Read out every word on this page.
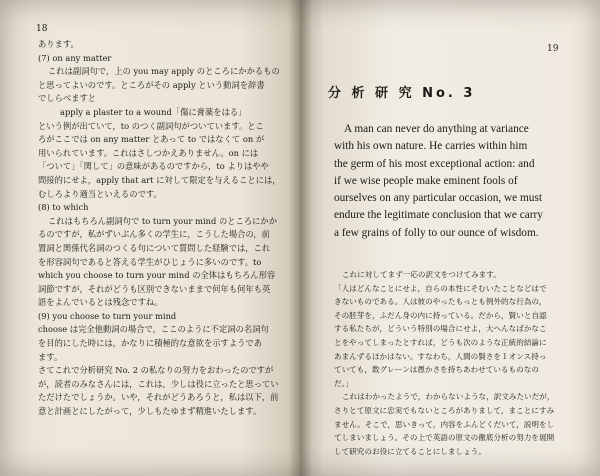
18
あります。
(7) on any matter
これは副詞句で，上の you may apply のところにかかるもの
と思ってよいのです。ところがその apply という動詞を辞書
でしらべますと
apply a plaster to a wound「傷に膏薬をはる」
という例が出ていて，to のつく副詞句がついています。とこ
ろがここでは on any matter とあって to ではなくて on が
用いられています。これはさしつかえありません。on には
「ついて」「関して」の意味があるのですから，to よりはやや
間接的にせよ，apply that art に対して限定を与えることには，
むしろより適当といえるのです。
(8) to which
これはもちろん副詞句で to turn your mind のところにかか
るのですが，私がずいぶん多くの学生に，こうした場合の，前
置詞と関係代名詞のつくる句について質問した経験では，これ
を形容詞句であると答える学生がひじょうに多いのです。to
which you choose to turn your mind の全体はもちろん形容
詞節ですが，それがどうも区別できないままで何年も何年も英
語をよんでいるとは残念ですね。
(9) you choose to turn your mind
choose は完全他動詞の場合で，ここのように不定詞の名詞句
を目的にした時には，かなりに積極的な意欲を示すようであ
ます。
さてこれで分析研究 No. 2 の私なりの努力をおわったのですが
が，読者のみなさんには，これは，少しは役に立ったと思ってい
ただけたでしょうか。いや，それがどうあろうと，私は以下，前
意と計画とにしたがって，少しもたゆまず精進いたします。
19
分 析 研 究 No. 3
A man can never do anything at variance
with his own nature. He carries within him
the germ of his most exceptional action: and
if we wise people make eminent fools of
ourselves on any particular occasion, we must
endure the legitimate conclusion that we carry
a few grains of folly to our ounce of wisdom.
これに対してまず一応の訳文をつけてみます。
「人はどんなことにせよ，自らの本性にそむいたことなどはで
きないものである。人は彼のやったもっとも例外的な行為の，
その胚芽を，ふだん身の内に持っている。だから，賢いと自認
する私たちが，どういう特別の場合にせよ，大へんなばかなこ
とをやってしまったとすれば，どうも次のような正統的結論に
あまんずるほかはない。すなわち，人間の賢さを１オンス持っ
ていても，数グレーンは愚かさを持ちあわせているものなの
だ。」
これはわかったようで，わからないような，訳文みたいだが，
さりとて原文に忠実でもないところがありまして，まことにすみ
ません。そこで，思いきって，内容をふんどくだいて，説明をし
てしまいましょう。その上で英語の原文の徹底分析の努力を展開
して研究のお役に立てることにしましょう。
